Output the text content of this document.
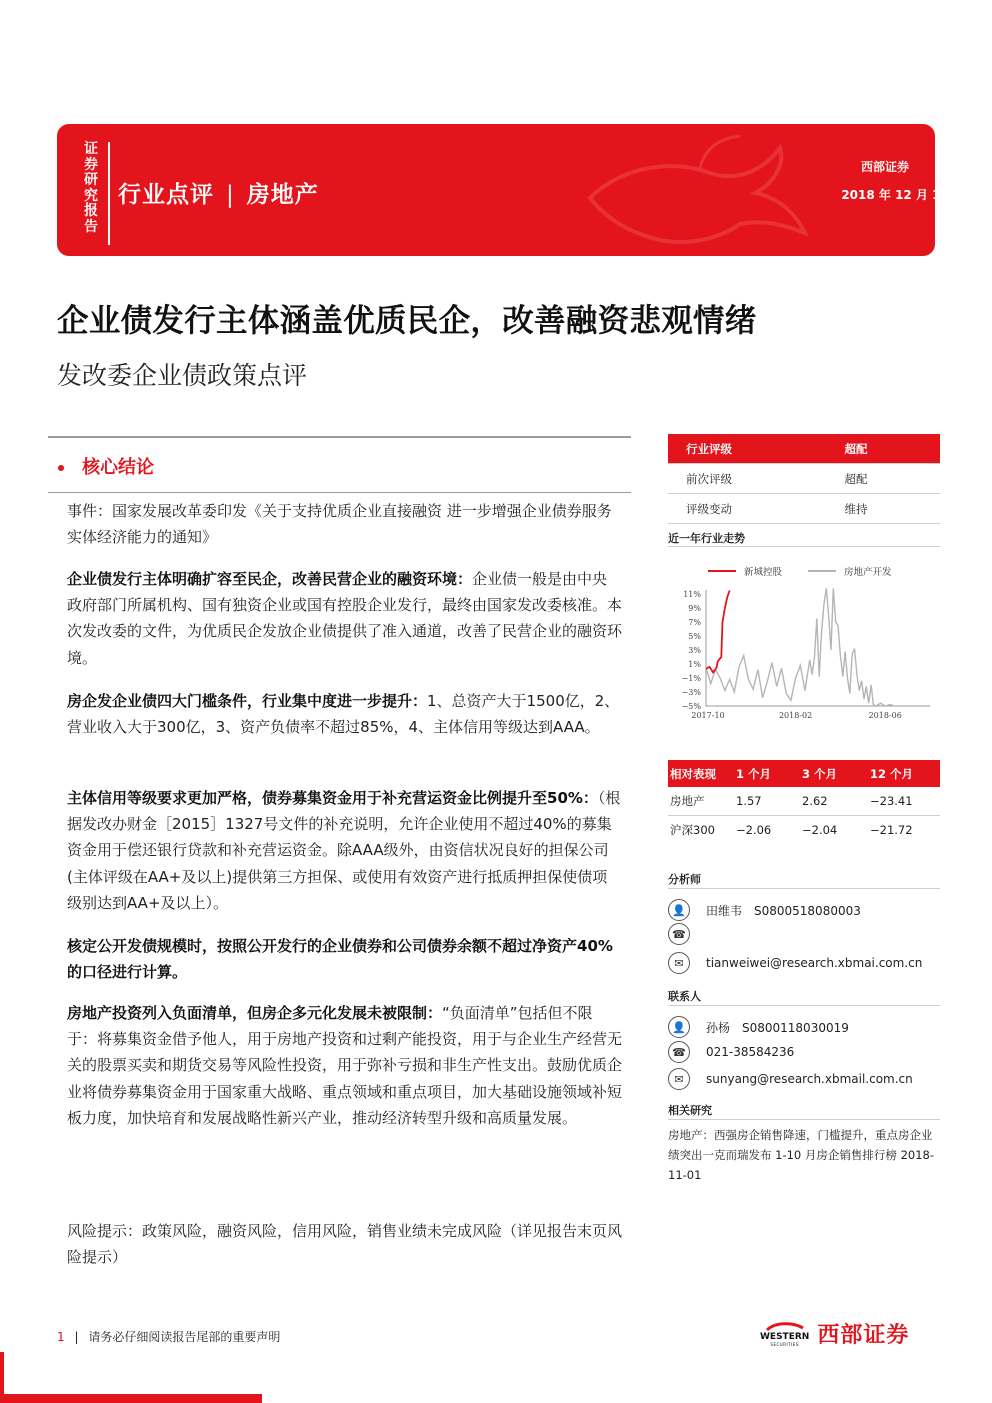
证
券
研
究
报
告
行业点评 | 房地产
西部证券
2018 年 12 月 13 日
企业债发行主体涵盖优质民企，改善融资悲观情绪
发改委企业债政策点评
核心结论
事件：国家发展改革委印发《关于支持优质企业直接融资 进一步增强企业债券服务实体经济能力的通知》
企业债发行主体明确扩容至民企，改善民营企业的融资环境：企业债一般是由中央政府部门所属机构、国有独资企业或国有控股企业发行，最终由国家发改委核准。本次发改委的文件，为优质民企发放企业债提供了准入通道，改善了民营企业的融资环境。
房企发企业债四大门槛条件，行业集中度进一步提升：1、总资产大于1500亿，2、营业收入大于300亿，3、资产负债率不超过85%，4、主体信用等级达到AAA。
主体信用等级要求更加严格，债券募集资金用于补充营运资金比例提升至50%：（根据发改办财金［2015］1327号文件的补充说明，允许企业使用不超过40%的募集资金用于偿还银行贷款和补充营运资金。除AAA级外，由资信状况良好的担保公司(主体评级在AA+及以上)提供第三方担保、或使用有效资产进行抵质押担保使债项级别达到AA+及以上）。
核定公开发债规模时，按照公开发行的企业债券和公司债券余额不超过净资产40%的口径进行计算。
房地产投资列入负面清单，但房企多元化发展未被限制：“负面清单”包括但不限于：将募集资金借予他人，用于房地产投资和过剩产能投资，用于与企业生产经营无关的股票买卖和期货交易等风险性投资，用于弥补亏损和非生产性支出。鼓励优质企业将债券募集资金用于国家重大战略、重点领域和重点项目，加大基础设施领域补短板力度，加快培育和发展战略性新兴产业，推动经济转型升级和高质量发展。
风险提示：政策风险，融资风险，信用风险，销售业绩未完成风险（详见报告末页风险提示）
行业评级	超配
前次评级	超配
评级变动	维持
近一年行业走势
新城控股	房地产开发
11%
9%
7%
5%
3%
1%
−1%
−3%
−5%
2017-10	2018-02	2018-06
相对表现	1 个月	3 个月	12 个月
房地产	1.57	2.62	−23.41
沪深300	−2.06	−2.04	−21.72
分析师
👤	田维韦　S0800518080003
☎
✉	tianweiwei@research.xbmai.com.cn
联系人
👤	孙杨　S0800118030019
☎	021-38584236
✉	sunyang@research.xbmail.com.cn
相关研究
房地产：西强房企销售降速，门槛提升，重点房企业绩突出一克而瑞发布 1-10 月房企销售排行榜 2018-11-01
1 | 请务必仔细阅读报告尾部的重要声明	WESTERN
SECURITIES 西部证券
